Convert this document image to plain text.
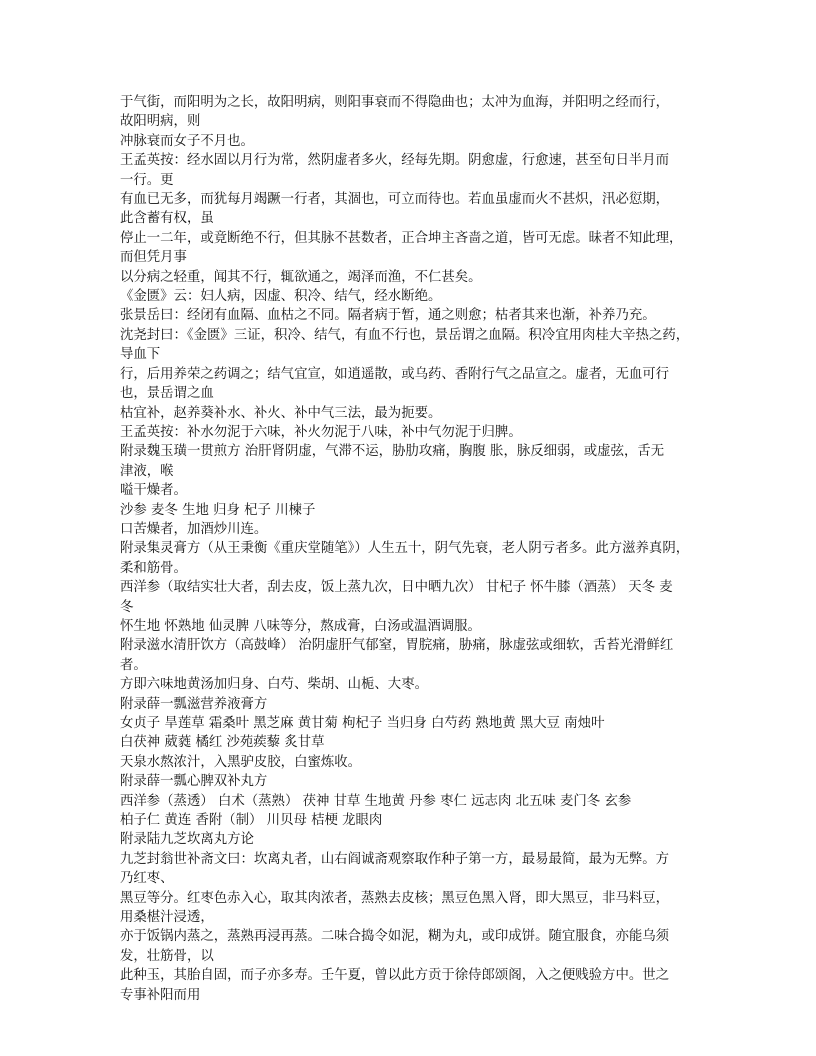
于气街，而阳明为之长，故阳明病，则阳事衰而不得隐曲也；太冲为血海，并阳明之经而行，
故阳明病，则
冲脉衰而女子不月也。
王孟英按：经水固以月行为常，然阴虚者多火，经每先期。阴愈虚，行愈速，甚至旬日半月而
一行。更
有血已无多，而犹每月竭蹶一行者，其涸也，可立而待也。若血虽虚而火不甚炽，汛必愆期，
此含蓄有权，虽
停止一二年，或竟断绝不行，但其脉不甚数者，正合坤主吝啬之道，皆可无虑。昧者不知此理，
而但凭月事
以分病之轻重，闻其不行，辄欲通之，竭泽而渔，不仁甚矣。
《金匮》云：妇人病，因虚、积冷、结气，经水断绝。
张景岳曰：经闭有血隔、血枯之不同。隔者病于暂，通之则愈；枯者其来也渐，补养乃充。
沈尧封曰：《金匮》三证，积冷、结气，有血不行也，景岳谓之血隔。积冷宜用肉桂大辛热之药，
导血下
行，后用养荣之药调之；结气宜宣，如逍遥散，或乌药、香附行气之品宣之。虚者，无血可行
也，景岳谓之血
枯宜补，赵养葵补水、补火、补中气三法，最为扼要。
王孟英按：补水勿泥于六味，补火勿泥于八味，补中气勿泥于归脾。
附录魏玉璜一贯煎方 治肝肾阴虚，气滞不运，胁肋攻痛，胸腹 胀，脉反细弱，或虚弦，舌无
津液，喉
嗌干燥者。
沙参 麦冬 生地 归身 杞子 川楝子
口苦燥者，加酒炒川连。
附录集灵膏方（从王秉衡《重庆堂随笔》）人生五十，阴气先衰，老人阴亏者多。此方滋养真阴，
柔和筋骨。
西洋参（取结实壮大者，刮去皮，饭上蒸九次，日中晒九次） 甘杞子 怀牛膝（酒蒸） 天冬 麦
冬
怀生地 怀熟地 仙灵脾 八味等分，熬成膏，白汤或温酒调服。
附录滋水清肝饮方（高鼓峰） 治阴虚肝气郁窒，胃脘痛，胁痛，脉虚弦或细软，舌苔光滑鲜红
者。
方即六味地黄汤加归身、白芍、柴胡、山栀、大枣。
附录薛一瓢滋营养液膏方
女贞子 旱莲草 霜桑叶 黑芝麻 黄甘菊 枸杞子 当归身 白芍药 熟地黄 黑大豆 南烛叶
白茯神 葳蕤 橘红 沙苑蒺藜 炙甘草
天泉水熬浓汁，入黑驴皮胶，白蜜炼收。
附录薛一瓢心脾双补丸方
西洋参（蒸透） 白术（蒸熟） 茯神 甘草 生地黄 丹参 枣仁 远志肉 北五味 麦门冬 玄参
柏子仁 黄连 香附（制） 川贝母 桔梗 龙眼肉
附录陆九芝坎离丸方论
九芝封翁世补斋文曰：坎离丸者，山右阎诚斋观察取作种子第一方，最易最简，最为无弊。方
乃红枣、
黑豆等分。红枣色赤入心，取其肉浓者，蒸熟去皮核；黑豆色黑入肾，即大黑豆，非马料豆，
用桑椹汁浸透，
亦于饭锅内蒸之，蒸熟再浸再蒸。二味合捣令如泥，糊为丸，或印成饼。随宜服食，亦能乌须
发，壮筋骨，以
此种玉，其胎自固，而子亦多寿。壬午夏，曾以此方贡于徐侍郎颂阁，入之便贱验方中。世之
专事补阳而用
